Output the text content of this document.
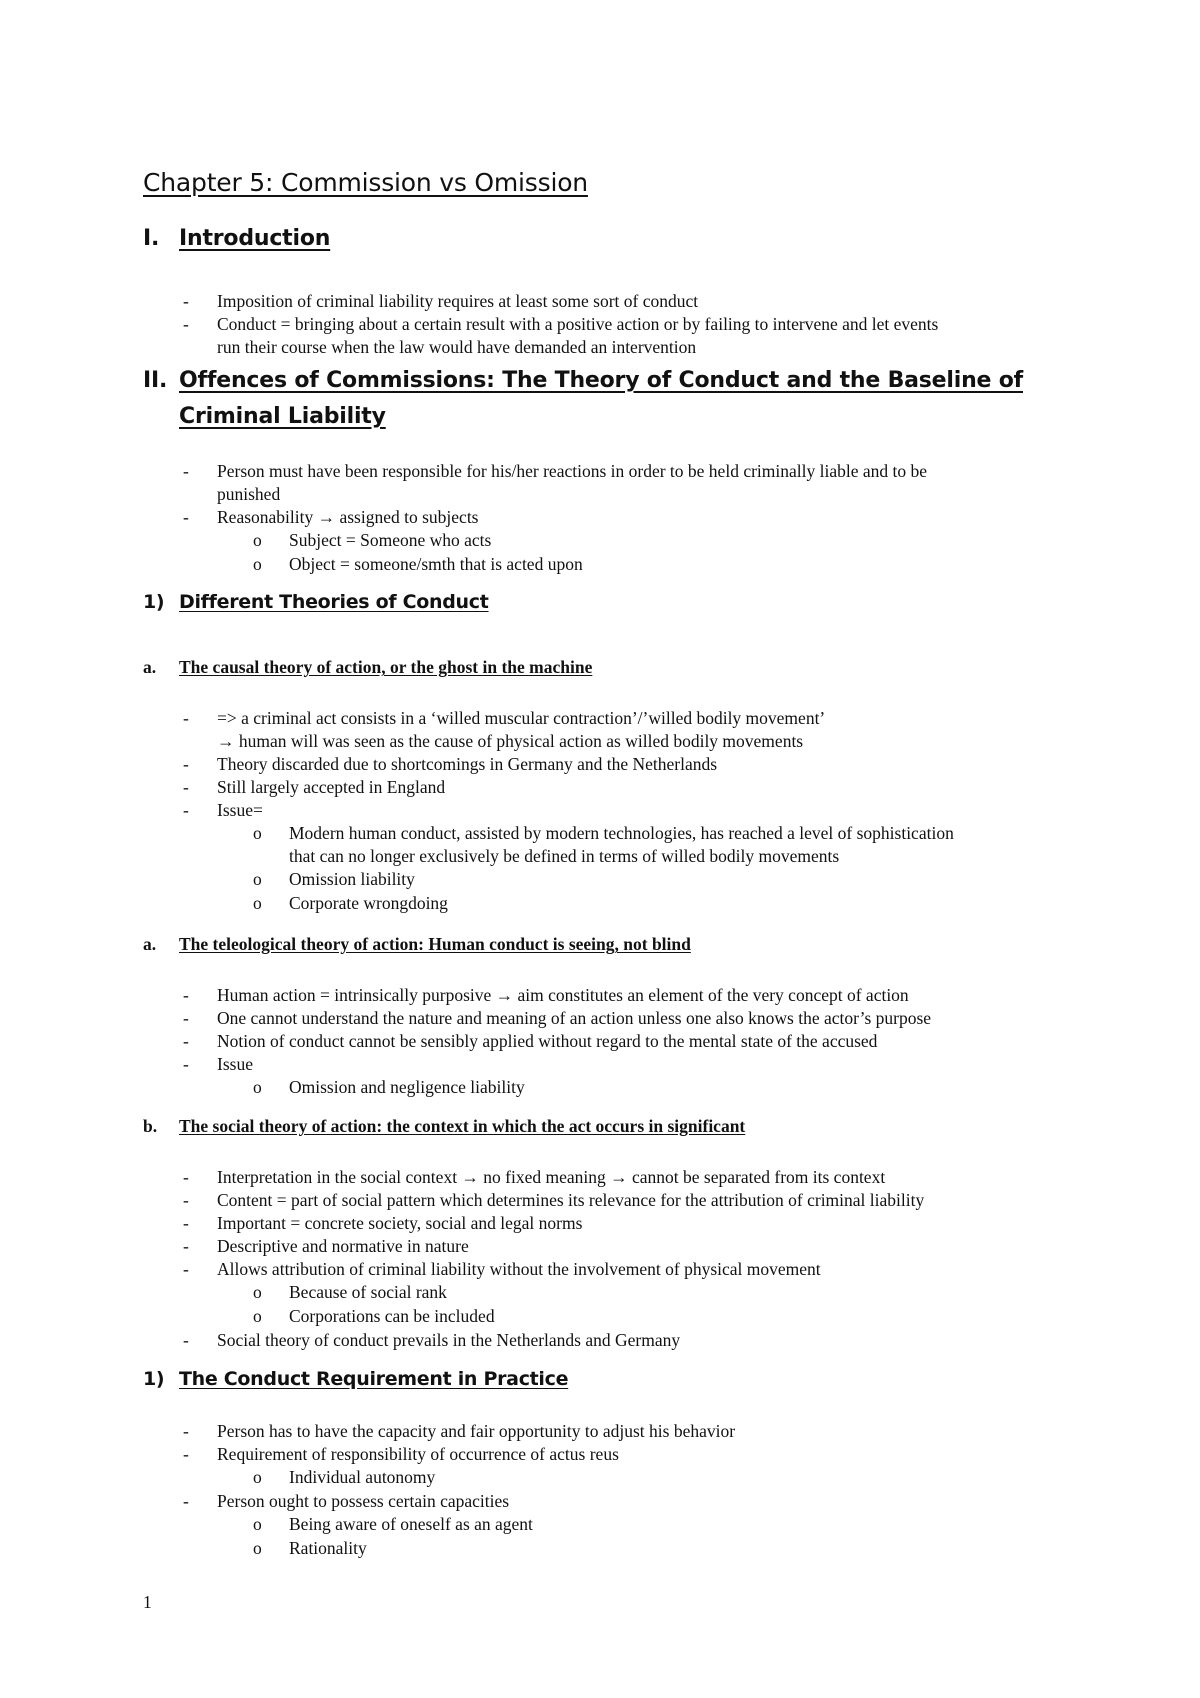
Chapter 5: Commission vs Omission
I. Introduction
- Imposition of criminal liability requires at least some sort of conduct
- Conduct = bringing about a certain result with a positive action or by failing to intervene and let events
run their course when the law would have demanded an intervention
II. Offences of Commissions: The Theory of Conduct and the Baseline of
Criminal Liability
- Person must have been responsible for his/her reactions in order to be held criminally liable and to be
punished
- Reasonability → assigned to subjects
o Subject = Someone who acts
o Object = someone/smth that is acted upon
1) Different Theories of Conduct
a. The causal theory of action, or the ghost in the machine
- => a criminal act consists in a ‘willed muscular contraction’/’willed bodily movement’
→ human will was seen as the cause of physical action as willed bodily movements
- Theory discarded due to shortcomings in Germany and the Netherlands
- Still largely accepted in England
- Issue=
o Modern human conduct, assisted by modern technologies, has reached a level of sophistication
that can no longer exclusively be defined in terms of willed bodily movements
o Omission liability
o Corporate wrongdoing
a. The teleological theory of action: Human conduct is seeing, not blind
- Human action = intrinsically purposive → aim constitutes an element of the very concept of action
- One cannot understand the nature and meaning of an action unless one also knows the actor’s purpose
- Notion of conduct cannot be sensibly applied without regard to the mental state of the accused
- Issue
o Omission and negligence liability
b. The social theory of action: the context in which the act occurs in significant
- Interpretation in the social context → no fixed meaning → cannot be separated from its context
- Content = part of social pattern which determines its relevance for the attribution of criminal liability
- Important = concrete society, social and legal norms
- Descriptive and normative in nature
- Allows attribution of criminal liability without the involvement of physical movement
o Because of social rank
o Corporations can be included
- Social theory of conduct prevails in the Netherlands and Germany
1) The Conduct Requirement in Practice
- Person has to have the capacity and fair opportunity to adjust his behavior
- Requirement of responsibility of occurrence of actus reus
o Individual autonomy
- Person ought to possess certain capacities
o Being aware of oneself as an agent
o Rationality
1
